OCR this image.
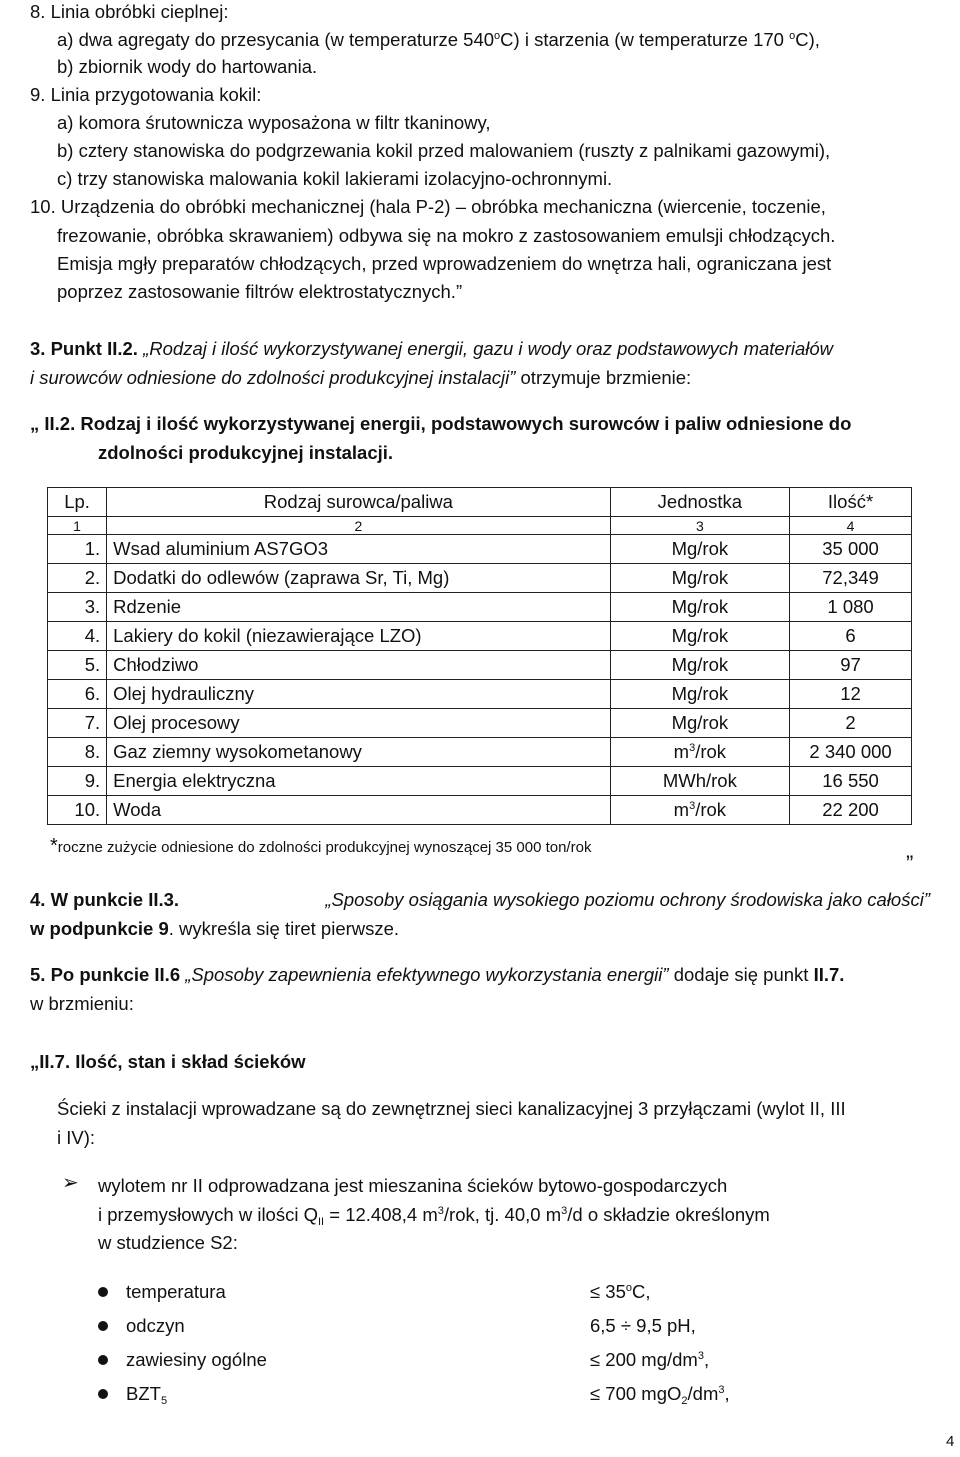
8. Linia obróbki cieplnej:
a) dwa agregaty do przesycania (w temperaturze 540$^o$C) i starzenia (w temperaturze 170 $^o$C),
b) zbiornik wody do hartowania.
9. Linia przygotowania kokil:
a) komora śrutownicza wyposażona w filtr tkaninowy,
b) cztery stanowiska do podgrzewania kokil przed malowaniem (ruszty z palnikami gazowymi),
c) trzy stanowiska malowania kokil lakierami izolacyjno-ochronnymi.
10. Urządzenia do obróbki mechanicznej (hala P-2) – obróbka mechaniczna (wiercenie, toczenie,
frezowanie, obróbka skrawaniem) odbywa się na mokro z zastosowaniem emulsji chłodzących.
Emisja mgły preparatów chłodzących, przed wprowadzeniem do wnętrza hali, ograniczana jest
poprzez zastosowanie filtrów elektrostatycznych.”
3. Punkt II.2. „Rodzaj i ilość wykorzystywanej energii, gazu i wody oraz podstawowych materiałów
i surowców odniesione do zdolności produkcyjnej instalacji” otrzymuje brzmienie:
„ II.2. Rodzaj i ilość wykorzystywanej energii, podstawowych surowców i paliw odniesione do
zdolności produkcyjnej instalacji.
Lp.	Rodzaj surowca/paliwa	Jednostka	Ilość*
1	2	3	4
1.	Wsad aluminium AS7GO3	Mg/rok	35 000
2.	Dodatki do odlewów (zaprawa Sr, Ti, Mg)	Mg/rok	72,349
3.	Rdzenie	Mg/rok	1 080
4.	Lakiery do kokil (niezawierające LZO)	Mg/rok	6
5.	Chłodziwo	Mg/rok	97
6.	Olej hydrauliczny	Mg/rok	12
7.	Olej procesowy	Mg/rok	2
8.	Gaz ziemny wysokometanowy	$m^3$/rok	2 340 000
9.	Energia elektryczna	MWh/rok	16 550
10.	Woda	$m^3$/rok	22 200
*roczne zużycie odniesione do zdolności produkcyjnej wynoszącej 35 000 ton/rok
”
4. W punkcie II.3.	„Sposoby osiągania wysokiego poziomu ochrony środowiska jako całości”
w podpunkcie 9. wykreśla się tiret pierwsze.
5. Po punkcie II.6 „Sposoby zapewnienia efektywnego wykorzystania energii” dodaje się punkt II.7.
w brzmieniu:
„II.7. Ilość, stan i skład ścieków
Ścieki z instalacji wprowadzane są do zewnętrznej sieci kanalizacyjnej 3 przyłączami (wylot II, III
i IV):
➢ wylotem nr II odprowadzana jest mieszanina ścieków bytowo-gospodarczych
i przemysłowych w ilości $Q_{II} = 12.408,4$ $m^3$/rok, tj. 40,0 $m^3/d$ o składzie określonym
w studzience S2:
temperatura	≤ $35^oC$,
odczyn	6,5 ÷ 9,5 pH,
zawiesiny ogólne	≤ 200 $mg/dm^3$,
$BZT_5$	≤ 700 $mgO_2/dm^3$,
4
